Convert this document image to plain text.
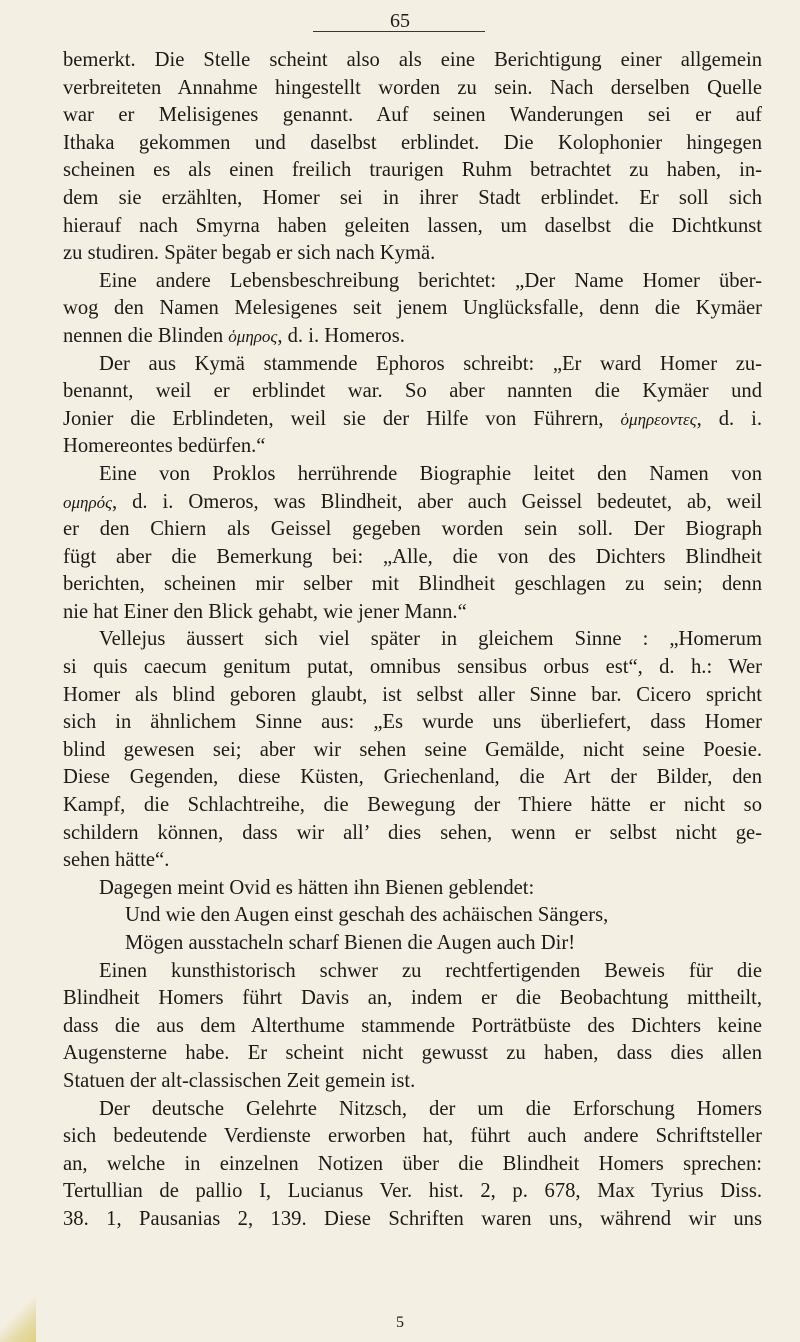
65
bemerkt. Die Stelle scheint also als eine Berichtigung einer allgemein
verbreiteten Annahme hingestellt worden zu sein. Nach derselben Quelle
war er Melisigenes genannt. Auf seinen Wanderungen sei er auf
Ithaka gekommen und daselbst erblindet. Die Kolophonier hingegen
scheinen es als einen freilich traurigen Ruhm betrachtet zu haben, in-
dem sie erzählten, Homer sei in ihrer Stadt erblindet. Er soll sich
hierauf nach Smyrna haben geleiten lassen, um daselbst die Dichtkunst
zu studiren. Später begab er sich nach Kymä.
Eine andere Lebensbeschreibung berichtet: „Der Name Homer über-
wog den Namen Melesigenes seit jenem Unglücksfalle, denn die Kymäer
nennen die Blinden ὁμηρος, d. i. Homeros.
Der aus Kymä stammende Ephoros schreibt: „Er ward Homer zu-
benannt, weil er erblindet war. So aber nannten die Kymäer und
Jonier die Erblindeten, weil sie der Hilfe von Führern, ὁμηρεοντες, d. i.
Homereontes bedürfen.“
Eine von Proklos herrührende Biographie leitet den Namen von
ομηρός, d. i. Omeros, was Blindheit, aber auch Geissel bedeutet, ab, weil
er den Chiern als Geissel gegeben worden sein soll. Der Biograph
fügt aber die Bemerkung bei: „Alle, die von des Dichters Blindheit
berichten, scheinen mir selber mit Blindheit geschlagen zu sein; denn
nie hat Einer den Blick gehabt, wie jener Mann.“
Vellejus äussert sich viel später in gleichem Sinne : „Homerum
si quis caecum genitum putat, omnibus sensibus orbus est“, d. h.: Wer
Homer als blind geboren glaubt, ist selbst aller Sinne bar. Cicero spricht
sich in ähnlichem Sinne aus: „Es wurde uns überliefert, dass Homer
blind gewesen sei; aber wir sehen seine Gemälde, nicht seine Poesie.
Diese Gegenden, diese Küsten, Griechenland, die Art der Bilder, den
Kampf, die Schlachtreihe, die Bewegung der Thiere hätte er nicht so
schildern können, dass wir all’ dies sehen, wenn er selbst nicht ge-
sehen hätte“.
Dagegen meint Ovid es hätten ihn Bienen geblendet:
Und wie den Augen einst geschah des achäischen Sängers,
Mögen ausstacheln scharf Bienen die Augen auch Dir!
Einen kunsthistorisch schwer zu rechtfertigenden Beweis für die
Blindheit Homers führt Davis an, indem er die Beobachtung mittheilt,
dass die aus dem Alterthume stammende Porträtbüste des Dichters keine
Augensterne habe. Er scheint nicht gewusst zu haben, dass dies allen
Statuen der alt-classischen Zeit gemein ist.
Der deutsche Gelehrte Nitzsch, der um die Erforschung Homers
sich bedeutende Verdienste erworben hat, führt auch andere Schriftsteller
an, welche in einzelnen Notizen über die Blindheit Homers sprechen:
Tertullian de pallio I, Lucianus Ver. hist. 2, p. 678, Max Tyrius Diss.
38. 1, Pausanias 2, 139. Diese Schriften waren uns, während wir uns
5
